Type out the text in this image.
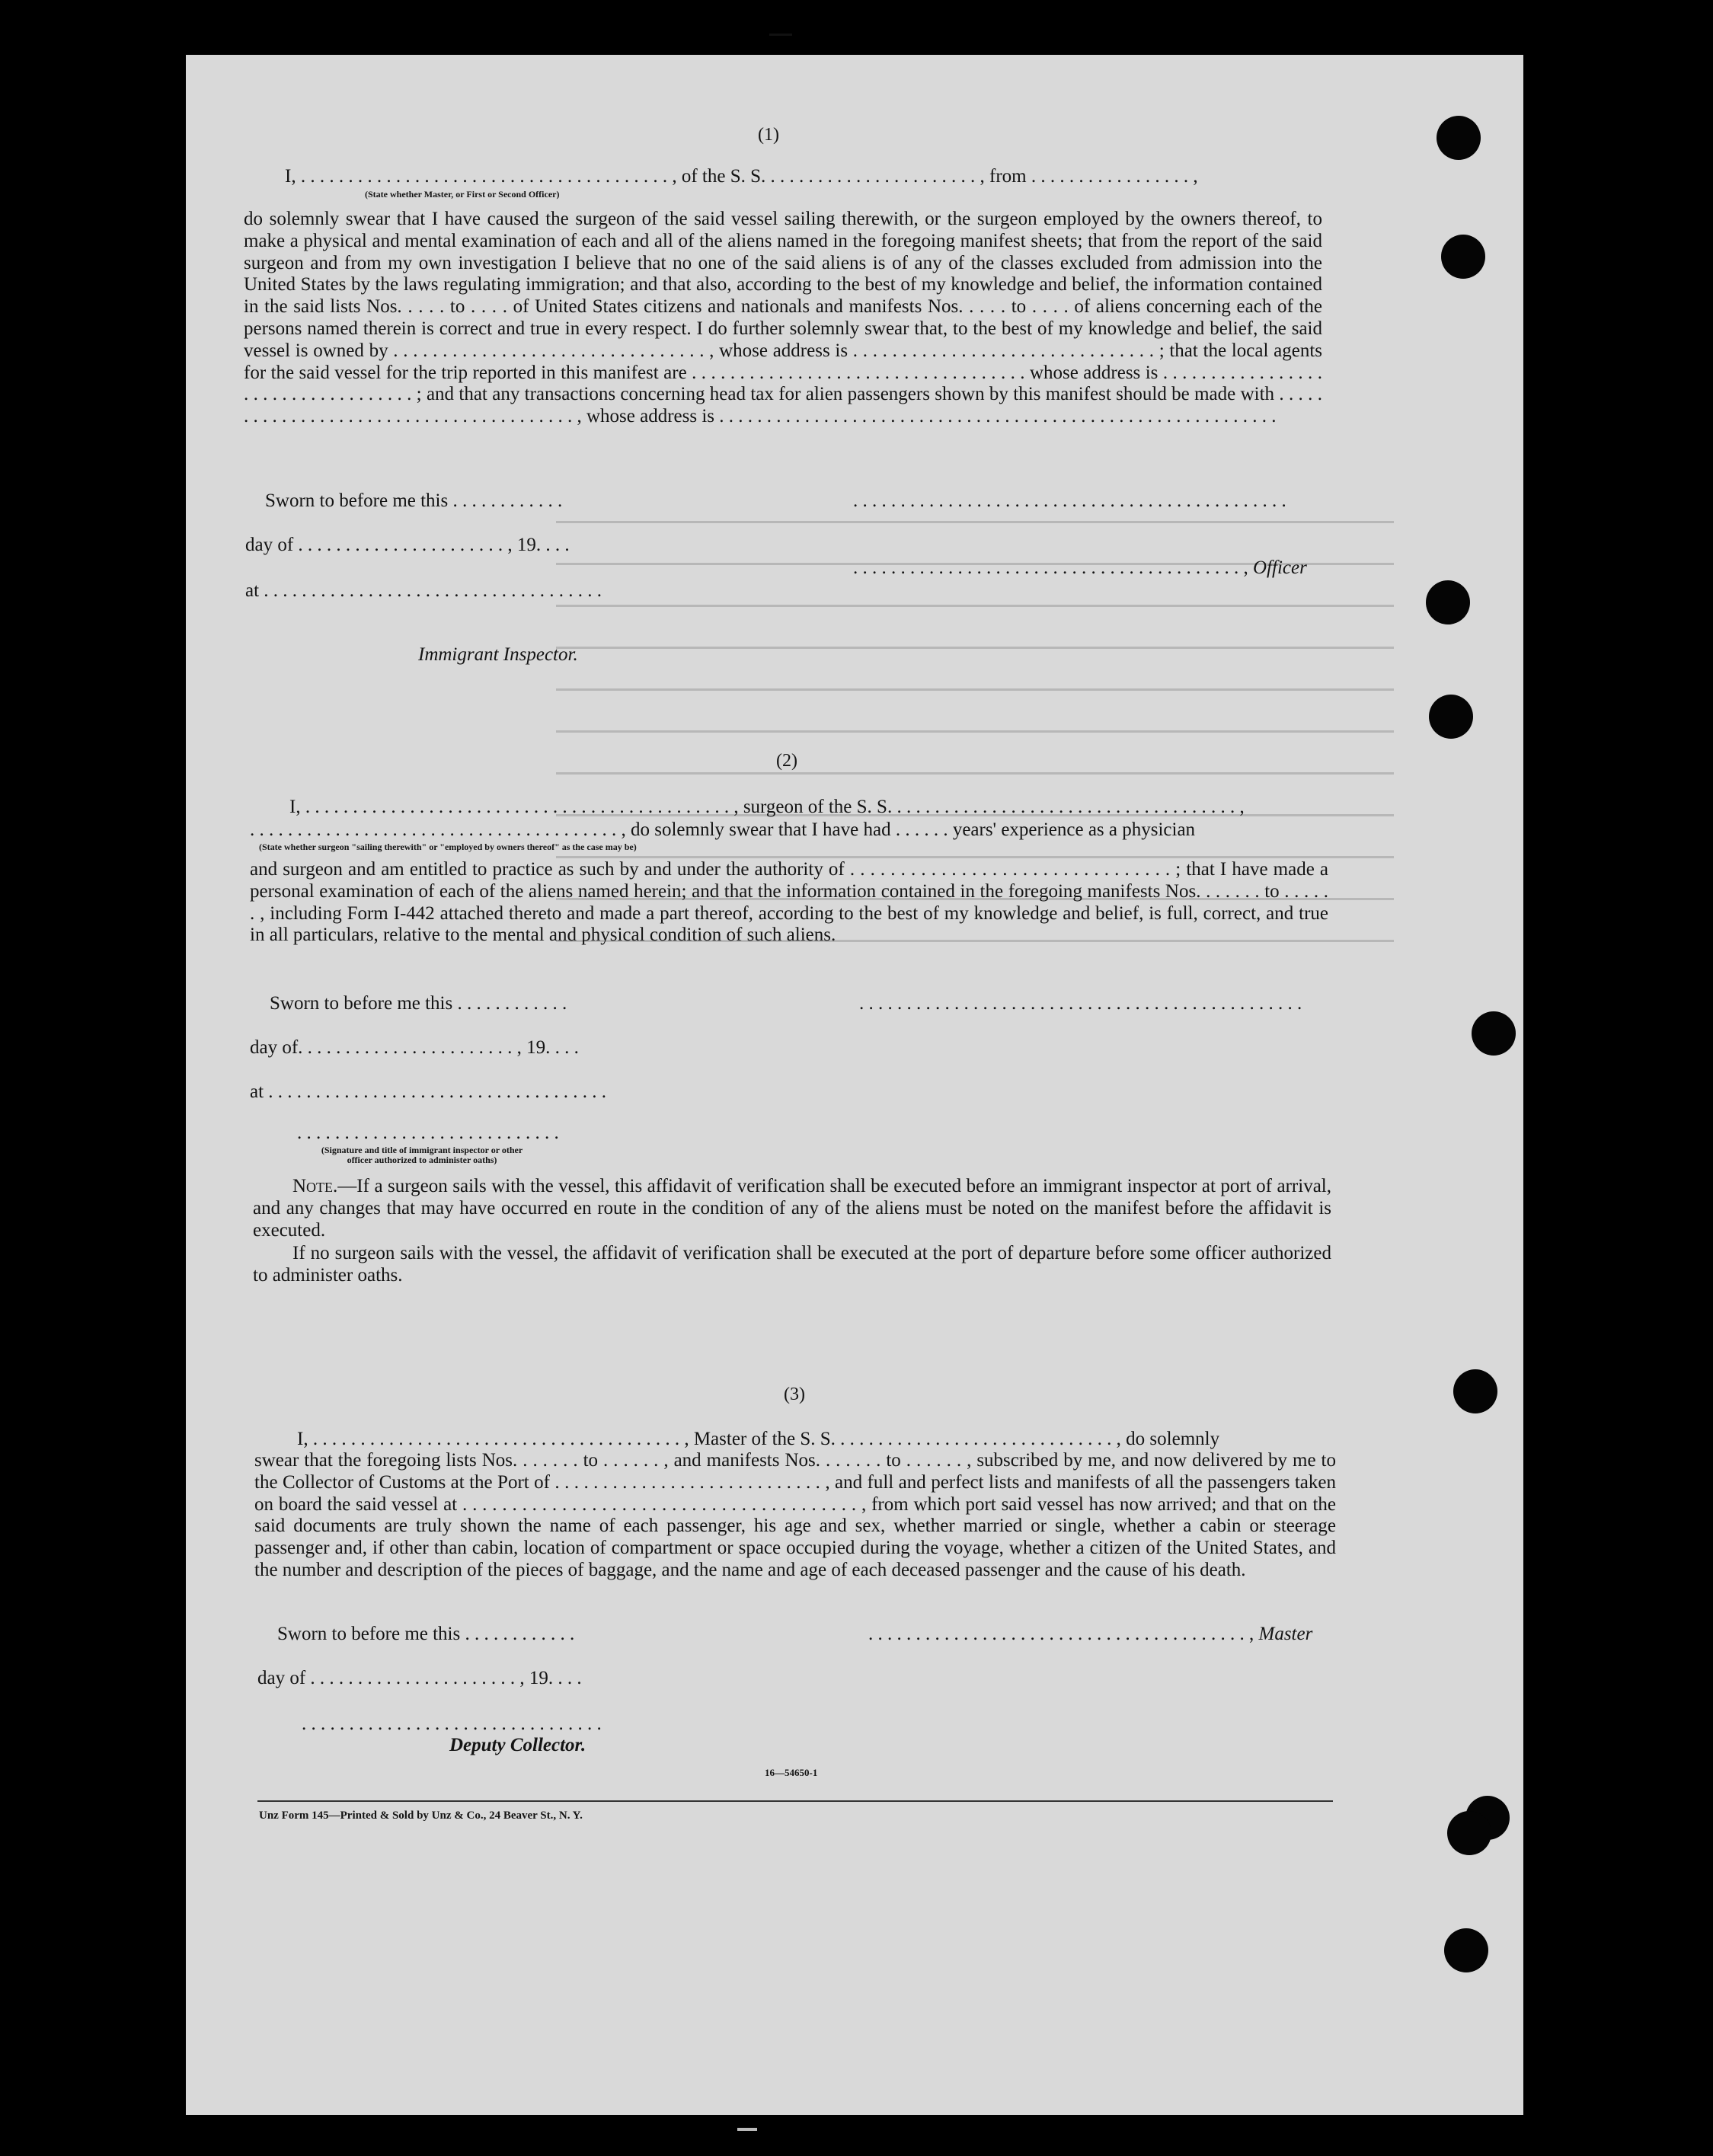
(1)
I, . . . . . . . . . . . . . . . . . . . . . . . . . . . . . . . . . . . . . . . , of the S. S. . . . . . . . . . . . . . . . . . . . . . . , from . . . . . . . . . . . . . . . . . ,
(State whether Master, or First or Second Officer)

do solemnly swear that I have caused the surgeon of the said vessel sailing therewith, or the surgeon employed by the owners thereof, to make a physical and mental examination of each and all of the aliens named in the foregoing manifest sheets; that from the report of the said surgeon and from my own investigation I believe that no one of the said aliens is of any of the classes excluded from admission into the United States by the laws regulating immigration; and that also, according to the best of my knowledge and belief, the information contained in the said lists Nos. . . . . to . . . . of United States citizens and nationals and manifests Nos. . . . . to . . . . of aliens concerning each of the persons named therein is correct and true in every respect. I do further solemnly swear that, to the best of my knowledge and belief, the said vessel is owned by . . . . . . . . . . . . . . . . . . . . . . . . . . . . . . . . , whose address is . . . . . . . . . . . . . . . . . . . . . . . . . . . . . . . ; that the local agents for the said vessel for the trip reported in this manifest are . . . . . . . . . . . . . . . . . . . . . . . . . . . . . . . . . . . whose address is . . . . . . . . . . . . . . . . . . . . . . . . . . . . . . . . . . . ; and that any transactions concerning head tax for alien passengers shown by this manifest should be made with . . . . . . . . . . . . . . . . . . . . . . . . . . . . . . . . . . . . . . . . , whose address is . . . . . . . . . . . . . . . . . . . . . . . . . . . . . . . . . . . . . . . . . . . . . . . . . . . . . . . . . . .

Sworn to before me this . . . . . . . . . . . .	. . . . . . . . . . . . . . . . . . . . . . . . . . . . . . . . . . . . . . . . . . . . . .
day of . . . . . . . . . . . . . . . . . . . . . . , 19. . . .
. . . . . . . . . . . . . . . . . . . . . . . . . . . . . . . . . . . . . . . . . , Officer
at . . . . . . . . . . . . . . . . . . . . . . . . . . . . . . . . . . . .
Immigrant Inspector.
(2)
I, . . . . . . . . . . . . . . . . . . . . . . . . . . . . . . . . . . . . . . . . . . . . . , surgeon of the S. S. . . . . . . . . . . . . . . . . . . . . . . . . . . . . . . . . . . . . ,
. . . . . . . . . . . . . . . . . . . . . . . . . . . . . . . . . . . . . . . , do solemnly swear that I have had . . . . . . years' experience as a physician
(State whether surgeon "sailing therewith" or "employed by owners thereof" as the case may be)

and surgeon and am entitled to practice as such by and under the authority of . . . . . . . . . . . . . . . . . . . . . . . . . . . . . . . . ; that I have made a personal examination of each of the aliens named herein; and that the information contained in the foregoing manifests Nos. . . . . . . to . . . . . . , including Form I-442 attached thereto and made a part thereof, according to the best of my knowledge and belief, is full, correct, and true in all particulars, relative to the mental and physical condition of such aliens.

Sworn to before me this . . . . . . . . . . . .	. . . . . . . . . . . . . . . . . . . . . . . . . . . . . . . . . . . . . . . . . . . . . . .
day of. . . . . . . . . . . . . . . . . . . . . . . , 19. . . .
at . . . . . . . . . . . . . . . . . . . . . . . . . . . . . . . . . . . .
. . . . . . . . . . . . . . . . . . . . . . . . . . . .
(Signature and title of immigrant inspector or other officer authorized to administer oaths)

Note.—If a surgeon sails with the vessel, this affidavit of verification shall be executed before an immigrant inspector at port of arrival, and any changes that may have occurred en route in the condition of any of the aliens must be noted on the manifest before the affidavit is executed.

If no surgeon sails with the vessel, the affidavit of verification shall be executed at the port of departure before some officer authorized to administer oaths.

(3)
I, . . . . . . . . . . . . . . . . . . . . . . . . . . . . . . . . . . . . . . . , Master of the S. S. . . . . . . . . . . . . . . . . . . . . . . . . . . . . . , do solemnly

swear that the foregoing lists Nos. . . . . . . to . . . . . . , and manifests Nos. . . . . . . to . . . . . . , subscribed by me, and now delivered by me to the Collector of Customs at the Port of . . . . . . . . . . . . . . . . . . . . . . . . . . . . , and full and perfect lists and manifests of all the passengers taken on board the said vessel at . . . . . . . . . . . . . . . . . . . . . . . . . . . . . . . . . . . . . . . . , from which port said vessel has now arrived; and that on the said documents are truly shown the name of each passenger, his age and sex, whether married or single, whether a cabin or steerage passenger and, if other than cabin, location of compartment or space occupied during the voyage, whether a citizen of the United States, and the number and description of the pieces of baggage, and the name and age of each deceased passenger and the cause of his death.

Sworn to before me this . . . . . . . . . . . .	. . . . . . . . . . . . . . . . . . . . . . . . . . . . . . . . . . . . . . . . , Master
day of . . . . . . . . . . . . . . . . . . . . . . , 19. . . .
. . . . . . . . . . . . . . . . . . . . . . . . . . . . . . . .
Deputy Collector.
16—54650-1
Unz Form 145—Printed & Sold by Unz & Co., 24 Beaver St., N. Y.
